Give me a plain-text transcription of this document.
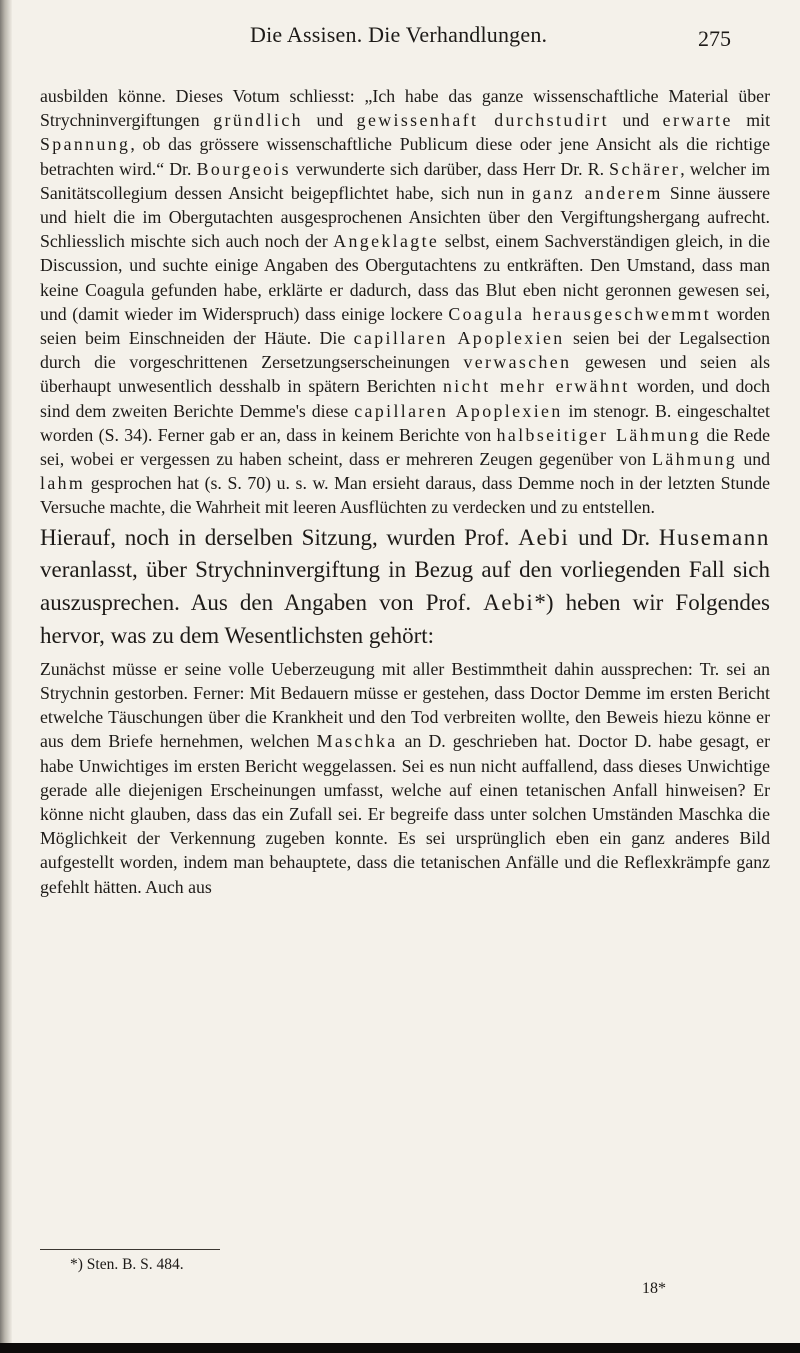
Die Assisen. Die Verhandlungen.	275

ausbilden könne. Dieses Votum schliesst: „Ich habe das ganze wissenschaftliche Material über Strychninvergiftungen gründlich und gewissenhaft durchstudirt und erwarte mit Spannung, ob das grössere wissenschaftliche Publicum diese oder jene Ansicht als die richtige betrachten wird.“ Dr. Bourgeois verwunderte sich darüber, dass Herr Dr. R. Schärer, welcher im Sanitätscollegium dessen Ansicht beigepflichtet habe, sich nun in ganz anderem Sinne äussere und hielt die im Obergutachten ausgesprochenen Ansichten über den Vergiftungshergang aufrecht. Schliesslich mischte sich auch noch der Angeklagte selbst, einem Sachverständigen gleich, in die Discussion, und suchte einige Angaben des Obergutachtens zu entkräften. Den Umstand, dass man keine Coagula gefunden habe, erklärte er dadurch, dass das Blut eben nicht geronnen gewesen sei, und (damit wieder im Widerspruch) dass einige lockere Coagula herausgeschwemmt worden seien beim Einschneiden der Häute. Die capillaren Apoplexien seien bei der Legalsection durch die vorgeschrittenen Zersetzungserscheinungen verwaschen gewesen und seien als überhaupt unwesentlich desshalb in spätern Berichten nicht mehr erwähnt worden, und doch sind dem zweiten Berichte Demme's diese capillaren Apoplexien im stenogr. B. eingeschaltet worden (S. 34). Ferner gab er an, dass in keinem Berichte von halbseitiger Lähmung die Rede sei, wobei er vergessen zu haben scheint, dass er mehreren Zeugen gegenüber von Lähmung und lahm gesprochen hat (s. S. 70) u. s. w. Man ersieht daraus, dass Demme noch in der letzten Stunde Versuche machte, die Wahrheit mit leeren Ausflüchten zu verdecken und zu entstellen.

Hierauf, noch in derselben Sitzung, wurden Prof. Aebi und Dr. Husemann veranlasst, über Strychninvergiftung in Bezug auf den vorliegenden Fall sich auszusprechen. Aus den Angaben von Prof. Aebi*) heben wir Folgendes hervor, was zu dem Wesentlichsten gehört:

Zunächst müsse er seine volle Ueberzeugung mit aller Bestimmtheit dahin aussprechen: Tr. sei an Strychnin gestorben. Ferner: Mit Bedauern müsse er gestehen, dass Doctor Demme im ersten Bericht etwelche Täuschungen über die Krankheit und den Tod verbreiten wollte, den Beweis hiezu könne er aus dem Briefe hernehmen, welchen Maschka an D. geschrieben hat. Doctor D. habe gesagt, er habe Unwichtiges im ersten Bericht weggelassen. Sei es nun nicht auffallend, dass dieses Unwichtige gerade alle diejenigen Erscheinungen umfasst, welche auf einen tetanischen Anfall hinweisen? Er könne nicht glauben, dass das ein Zufall sei. Er begreife dass unter solchen Umständen Maschka die Möglichkeit der Verkennung zugeben konnte. Es sei ursprünglich eben ein ganz anderes Bild aufgestellt worden, indem man behauptete, dass die tetanischen Anfälle und die Reflexkrämpfe ganz gefehlt hätten. Auch aus

*) Sten. B. S. 484.
18*
